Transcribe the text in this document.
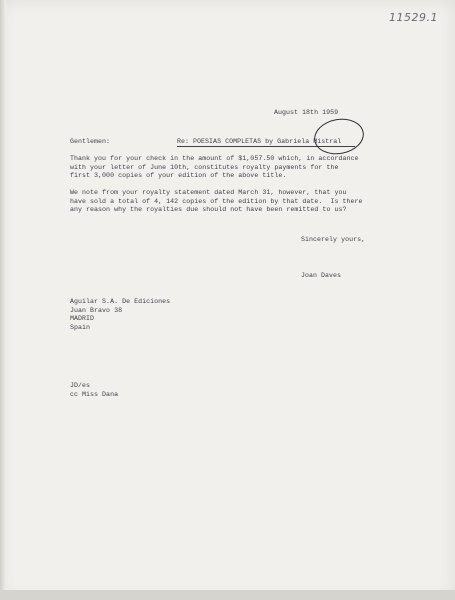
11529.1
August 18th 1959
Gentlemen:	Re: POESIAS COMPLETAS by Gabriela Mistral
Thank you for your check in the amount of $1,057.50 which, in accordance
with your letter of June 10th, constitutes royalty payments for the
first 3,000 copies of your edition of the above title.
We note from your royalty statement dated March 31, however, that you
have sold a total of 4, 142 copies of the edition by that date.  Is there
any reason why the royalties due should not have been remitted to us?
Sincerely yours,
Joan Daves
Aguilar S.A. De Ediciones
Juan Bravo 38
MADRID
Spain
JD/es
cc Miss Dana
